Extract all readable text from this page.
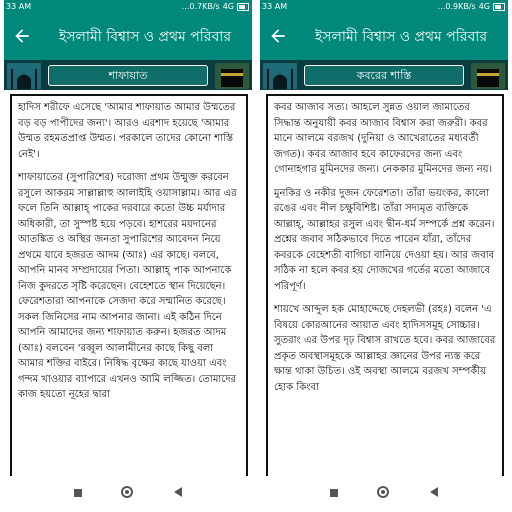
33 AM	...0.7KB/s 4G
ইসলামী বিশ্বাস ও প্রথম পরিবার
শাফায়াত

হাদিস শরীফে এসেছে 'আমার শাফায়াত আমার উম্মতের বড় বড় পাপীদের জন্য'। আরও এরশাদ হয়েছে 'আমার উম্মত রহমতপ্রাপ্ত উম্মত। পরকালে তাদের কোনো শাস্তি নেই'।

শাফায়াতের (সুপারিশের) দরোজা প্রথম উন্মুক্ত করবেন রসুলে আকরম সাল্লাল্লাহু আলাইহি ওয়াসাল্লাম। আর এর ফলে তিনি আল্লাহ্‌ পাকের দরবারে কতো উচ্চ মর্যাদার অধিকারী, তা সুস্পষ্ট হয়ে পড়বে। হাশরের ময়দানের আতঙ্কিত ও অস্থির জনতা সুপারিশের আবেদন নিয়ে প্রথমে যাবে হজরত আদম (আঃ) এর কাছে। বলবে, আপনি মানব সম্প্রদায়ের পিতা। আল্লাহ্‌ পাক আপনাকে নিজ কুদরতে সৃষ্টি করেছেন। বেহেশতে স্থান দিয়েছেন। ফেরেশতারা আপনাকে সেজদা করে সম্মানিত করেছে। সকল জিনিসের নাম আপনার জানা। এই কঠিন দিনে আপনি আমাদের জন্য শাফায়াত করুন। হজরত আদম (আঃ) বলবেন 'রব্বুল আলামীনের কাছে কিছু বলা আমার শক্তির বাইরে। নিষিদ্ধ বৃক্ষের কাছে যাওয়া এবং গন্দম খাওয়ার ব্যাপারে এখনও আমি লজ্জিত। তোমাদের কাজ হয়তো নূহের দ্বারা

33 AM	...0.9KB/s 4G
ইসলামী বিশ্বাস ও প্রথম পরিবার
কবরের শাস্তি

কবর আজাব সত্য। আহলে সুন্নত ওয়াল জামাতের সিদ্ধান্ত অনুযায়ী কবর আজাব বিশ্বাস করা জরুরী। কবর মানে আলমে বরজখ (দুনিয়া ও আখেরাতের মধ্যবর্তী জগত)। কবর আজাব হবে কাফেরদের জন্য এবং গোনাহগার মুমিনদের জন্য। নেককার মুমিনদের জন্য নয়।

মুনকির ও নকীর দুজন ফেরেশতা। তাঁরা ভয়ংকর, কালো রঙের এবং নীল চক্ষুবিশিষ্ট। তাঁরা সদ্যমৃত ব্যক্তিকে আল্লাহ্‌, আল্লাহর রসুল এবং দ্বীন-ধর্ম সম্পর্কে প্রশ্ন করেন। প্রশ্নের জবাব সঠিকভাবে দিতে পারেন যাঁরা, তাঁদের কবরকে বেহেশতী বাগিচা বানিয়ে দেওয়া হয়। আর জবাব সঠিক না হলে কবর হয় দোজখের গর্তের মতো আজাবে পরিপূর্ণ।

শায়খে আব্দুল হক মোহাদ্দেছে দেহলভী (রহঃ) বলেন 'এ বিষয়ে কোরআনের আয়াত এবং হাদিসসমূহ সোচ্চার। সুতরাং এর উপর দৃঢ় বিশ্বাস রাখতে হবে। কবর আজাবের প্রকৃত অবস্থাসমূহকে আল্লাহর জ্ঞানের উপর ন্যস্ত করে ক্ষান্ত থাকা উচিত। ওই অবস্থা আলমে বরজখ সম্পর্কীয় হোক কিংবা
